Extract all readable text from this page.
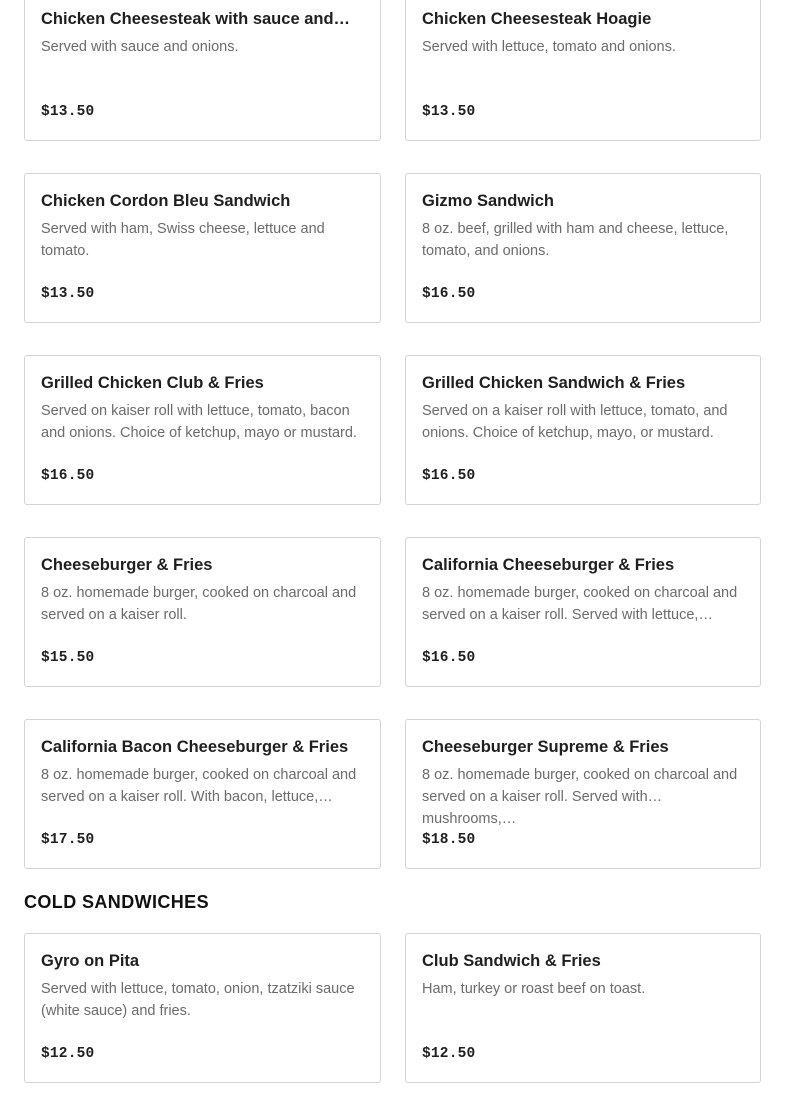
Chicken Cheesesteak with sauce and…
Served with sauce and onions.
$13.50
Chicken Cheesesteak Hoagie
Served with lettuce, tomato and onions.
$13.50
Chicken Cordon Bleu Sandwich
Served with ham, Swiss cheese, lettuce and tomato.
$13.50
Gizmo Sandwich
8 oz. beef, grilled with ham and cheese, lettuce, tomato, and onions.
$16.50
Grilled Chicken Club & Fries
Served on kaiser roll with lettuce, tomato, bacon and onions. Choice of ketchup, mayo or mustard.
$16.50
Grilled Chicken Sandwich & Fries
Served on a kaiser roll with lettuce, tomato, and onions. Choice of ketchup, mayo, or mustard.
$16.50
Cheeseburger & Fries
8 oz. homemade burger, cooked on charcoal and served on a kaiser roll.
$15.50
California Cheeseburger & Fries
8 oz. homemade burger, cooked on charcoal and served on a kaiser roll. Served with lettuce,…
$16.50
California Bacon Cheeseburger & Fries
8 oz. homemade burger, cooked on charcoal and served on a kaiser roll. With bacon, lettuce,…
$17.50
Cheeseburger Supreme & Fries
8 oz. homemade burger, cooked on charcoal and served on a kaiser roll. Served with mushrooms,…
$18.50
COLD SANDWICHES
Gyro on Pita
Served with lettuce, tomato, onion, tzatziki sauce (white sauce) and fries.
$12.50
Club Sandwich & Fries
Ham, turkey or roast beef on toast.
$12.50
